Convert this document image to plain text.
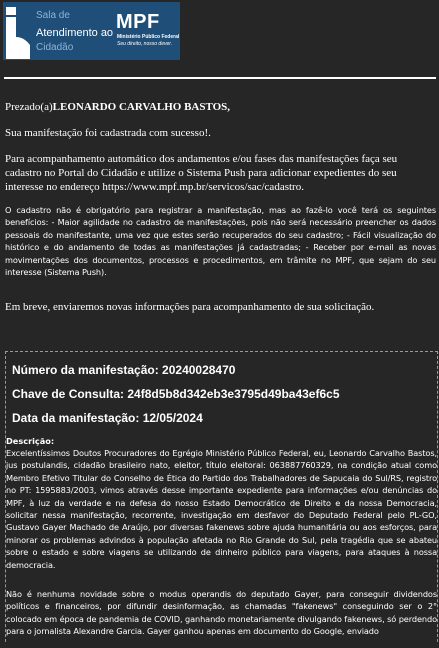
Sala de
Atendimento ao
Cidadão
MPF
Ministério Público Federal
Seu direito, nosso dever.
Prezado(a)LEONARDO CARVALHO BASTOS,
Sua manifestação foi cadastrada com sucesso!.
Para acompanhamento automático dos andamentos e/ou fases das manifestações faça seu cadastro no Portal do Cidadão e utilize o Sistema Push para adicionar expedientes do seu interesse no endereço https://www.mpf.mp.br/servicos/sac/cadastro.
O cadastro não é obrigatório para registrar a manifestação, mas ao fazê-lo você terá os seguintes benefícios: - Maior agilidade no cadastro de manifestações, pois não será necessário preencher os dados pessoais do manifestante, uma vez que estes serão recuperados do seu cadastro; - Fácil visualização do histórico e do andamento de todas as manifestações já cadastradas; - Receber por e-mail as novas movimentações dos documentos, processos e procedimentos, em trâmite no MPF, que sejam do seu interesse (Sistema Push).
Em breve, enviaremos novas informações para acompanhamento de sua solicitação.
Número da manifestação: 20240028470
Chave de Consulta: 24f8d5b8d342eb3e3795d49ba43ef6c5
Data da manifestação: 12/05/2024
Descrição:
Excelentíssimos Doutos Procuradores do Egrégio Ministério Público Federal, eu, Leonardo Carvalho Bastos, jus postulandis, cidadão brasileiro nato, eleitor, título eleitoral: 063887760329, na condição atual como Membro Efetivo Titular do Conselho de Ética do Partido dos Trabalhadores de Sapucaia do Sul/RS, registro no PT: 1595883/2003, vimos através desse importante expediente para informações e/ou denúncias do MPF, à luz da verdade e na defesa do nosso Estado Democrático de Direito e da nossa Democracia, solicitar nessa manifestação, recorrente, investigação em desfavor do Deputado Federal pelo PL-GO, Gustavo Gayer Machado de Araújo, por diversas fakenews sobre ajuda humanitária ou aos esforços, para minorar os problemas advindos à população afetada no Rio Grande do Sul, pela tragédia que se abateu sobre o estado e sobre viagens se utilizando de dinheiro público para viagens, para ataques à nossa democracia.
Não é nenhuma novidade sobre o modus operandis do deputado Gayer, para conseguir dividendos políticos e financeiros, por difundir desinformação, as chamadas "fakenews" conseguindo ser o 2° colocado em época de pandemia de COVID, ganhando monetariamente divulgando fakenews, só perdendo para o jornalista Alexandre Garcia. Gayer ganhou apenas em documento do Google, enviado
